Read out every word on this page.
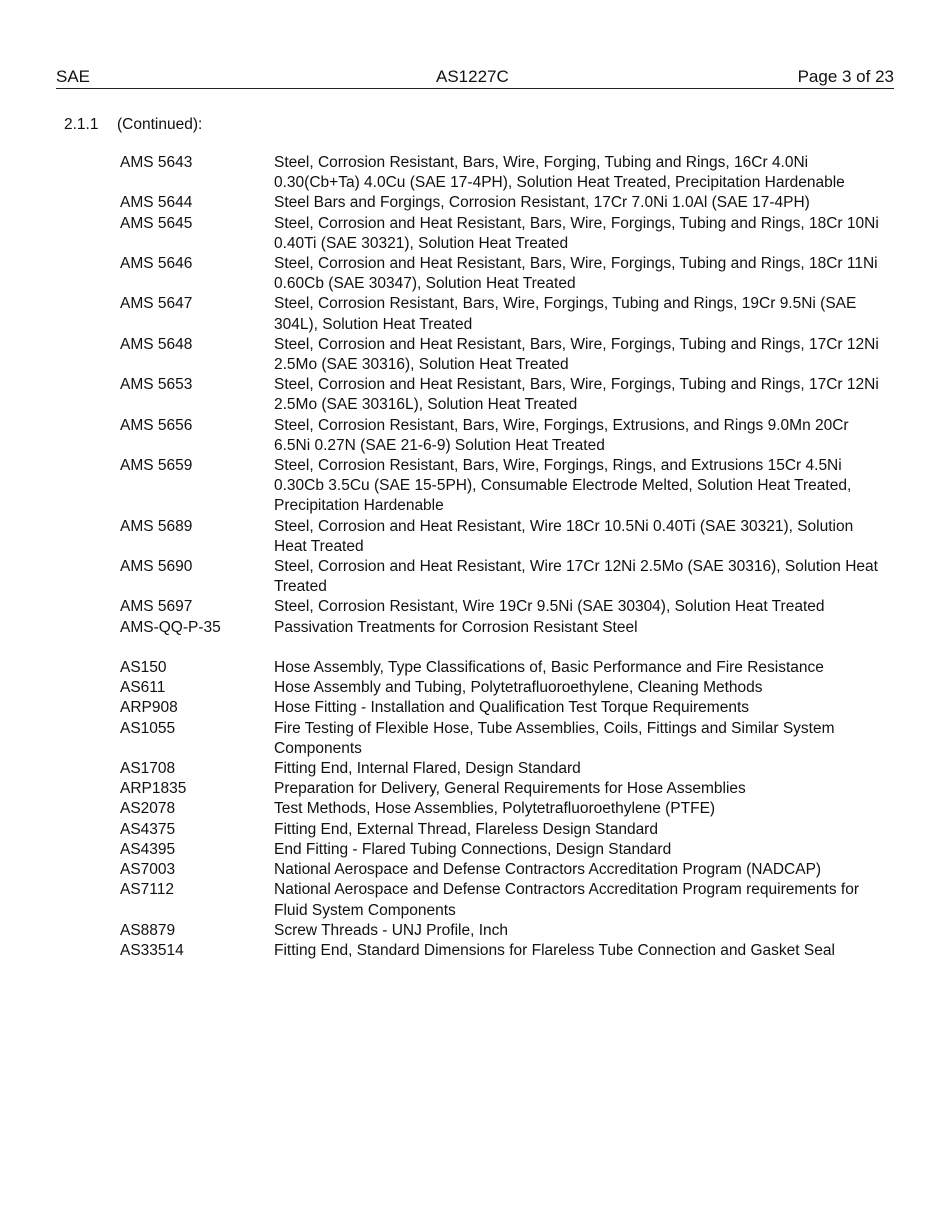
SAE	AS1227C	Page 3 of 23
2.1.1 (Continued):
AMS 5643	Steel, Corrosion Resistant, Bars, Wire, Forging, Tubing and Rings, 16Cr 4.0Ni 0.30(Cb+Ta) 4.0Cu (SAE 17-4PH), Solution Heat Treated, Precipitation Hardenable
AMS 5644	Steel Bars and Forgings, Corrosion Resistant, 17Cr 7.0Ni 1.0Al (SAE 17-4PH)
AMS 5645	Steel, Corrosion and Heat Resistant, Bars, Wire, Forgings, Tubing and Rings, 18Cr 10Ni 0.40Ti (SAE 30321), Solution Heat Treated
AMS 5646	Steel, Corrosion and Heat Resistant, Bars, Wire, Forgings, Tubing and Rings, 18Cr 11Ni 0.60Cb (SAE 30347), Solution Heat Treated
AMS 5647	Steel, Corrosion Resistant, Bars, Wire, Forgings, Tubing and Rings, 19Cr 9.5Ni (SAE 304L), Solution Heat Treated
AMS 5648	Steel, Corrosion and Heat Resistant, Bars, Wire, Forgings, Tubing and Rings, 17Cr 12Ni 2.5Mo (SAE 30316), Solution Heat Treated
AMS 5653	Steel, Corrosion and Heat Resistant, Bars, Wire, Forgings, Tubing and Rings, 17Cr 12Ni 2.5Mo (SAE 30316L), Solution Heat Treated
AMS 5656	Steel, Corrosion Resistant, Bars, Wire, Forgings, Extrusions, and Rings 9.0Mn 20Cr 6.5Ni 0.27N (SAE 21-6-9) Solution Heat Treated
AMS 5659	Steel, Corrosion Resistant, Bars, Wire, Forgings, Rings, and Extrusions 15Cr 4.5Ni 0.30Cb 3.5Cu (SAE 15-5PH), Consumable Electrode Melted, Solution Heat Treated, Precipitation Hardenable
AMS 5689	Steel, Corrosion and Heat Resistant, Wire 18Cr 10.5Ni 0.40Ti (SAE 30321), Solution Heat Treated
AMS 5690	Steel, Corrosion and Heat Resistant, Wire 17Cr 12Ni 2.5Mo (SAE 30316), Solution Heat Treated
AMS 5697	Steel, Corrosion Resistant, Wire 19Cr 9.5Ni (SAE 30304), Solution Heat Treated
AMS-QQ-P-35	Passivation Treatments for Corrosion Resistant Steel
AS150	Hose Assembly, Type Classifications of, Basic Performance and Fire Resistance
AS611	Hose Assembly and Tubing, Polytetrafluoroethylene, Cleaning Methods
ARP908	Hose Fitting - Installation and Qualification Test Torque Requirements
AS1055	Fire Testing of Flexible Hose, Tube Assemblies, Coils, Fittings and Similar System Components
AS1708	Fitting End, Internal Flared, Design Standard
ARP1835	Preparation for Delivery, General Requirements for Hose Assemblies
AS2078	Test Methods, Hose Assemblies, Polytetrafluoroethylene (PTFE)
AS4375	Fitting End, External Thread, Flareless Design Standard
AS4395	End Fitting - Flared Tubing Connections, Design Standard
AS7003	National Aerospace and Defense Contractors Accreditation Program (NADCAP)
AS7112	National Aerospace and Defense Contractors Accreditation Program requirements for Fluid System Components
AS8879	Screw Threads - UNJ Profile, Inch
AS33514	Fitting End, Standard Dimensions for Flareless Tube Connection and Gasket Seal
